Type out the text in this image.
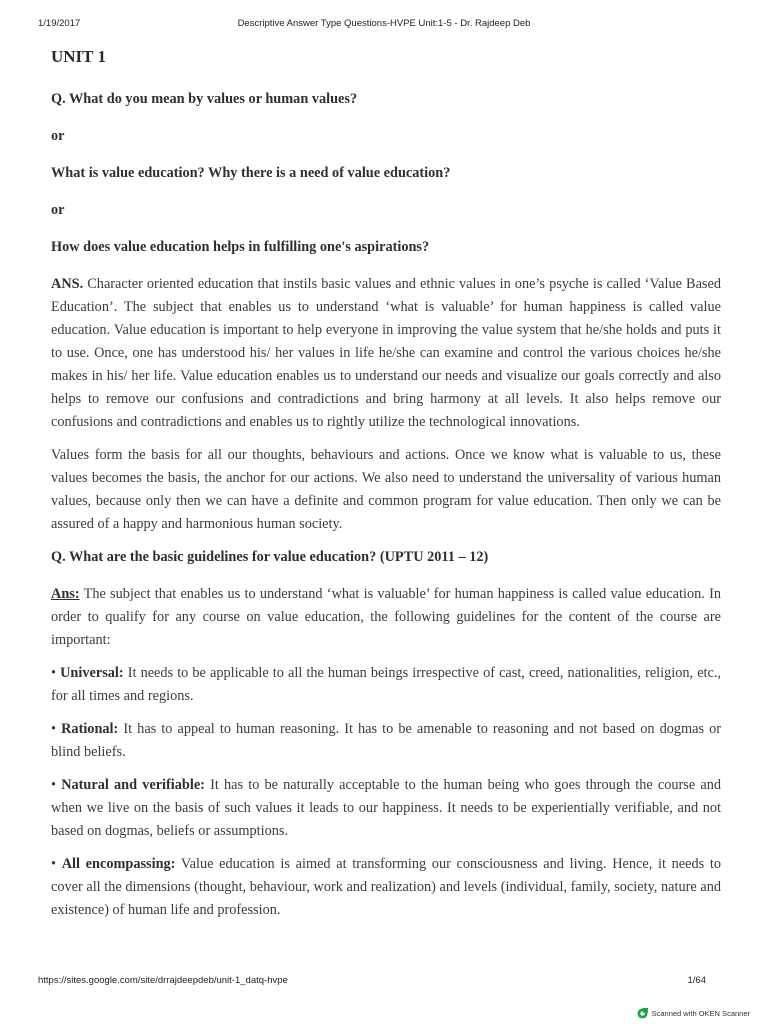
1/19/2017	Descriptive Answer Type Questions-HVPE Unit:1-5 - Dr. Rajdeep Deb
UNIT 1
Q. What do you mean by values or human values?
or
What is value education? Why there is a need of value education?
or
How does value education helps in fulfilling one's aspirations?

ANS. Character oriented education that instils basic values and ethnic values in one’s psyche is called ‘Value Based Education’. The subject that enables us to understand ‘what is valuable’ for human happiness is called value education. Value education is important to help everyone in improving the value system that he/she holds and puts it to use. Once, one has understood his/ her values in life he/she can examine and control the various choices he/she makes in his/ her life. Value education enables us to understand our needs and visualize our goals correctly and also helps to remove our confusions and contradictions and bring harmony at all levels. It also helps remove our confusions and contradictions and enables us to rightly utilize the technological innovations.

Values form the basis for all our thoughts, behaviours and actions. Once we know what is valuable to us, these values becomes the basis, the anchor for our actions. We also need to understand the universality of various human values, because only then we can have a definite and common program for value education. Then only we can be assured of a happy and harmonious human society.

Q. What are the basic guidelines for value education? (UPTU 2011 – 12)

Ans: The subject that enables us to understand ‘what is valuable’ for human happiness is called value education. In order to qualify for any course on value education, the following guidelines for the content of the course are important:

• Universal: It needs to be applicable to all the human beings irrespective of cast, creed, nationalities, religion, etc., for all times and regions.

• Rational: It has to appeal to human reasoning. It has to be amenable to reasoning and not based on dogmas or blind beliefs.

• Natural and verifiable: It has to be naturally acceptable to the human being who goes through the course and when we live on the basis of such values it leads to our happiness. It needs to be experientially verifiable, and not based on dogmas, beliefs or assumptions.

• All encompassing: Value education is aimed at transforming our consciousness and living. Hence, it needs to cover all the dimensions (thought, behaviour, work and realization) and levels (individual, family, society, nature and existence) of human life and profession.

https://sites.google.com/site/drrajdeepdeb/unit-1_datq-hvpe	1/64
Scanned with OKEN Scanner
